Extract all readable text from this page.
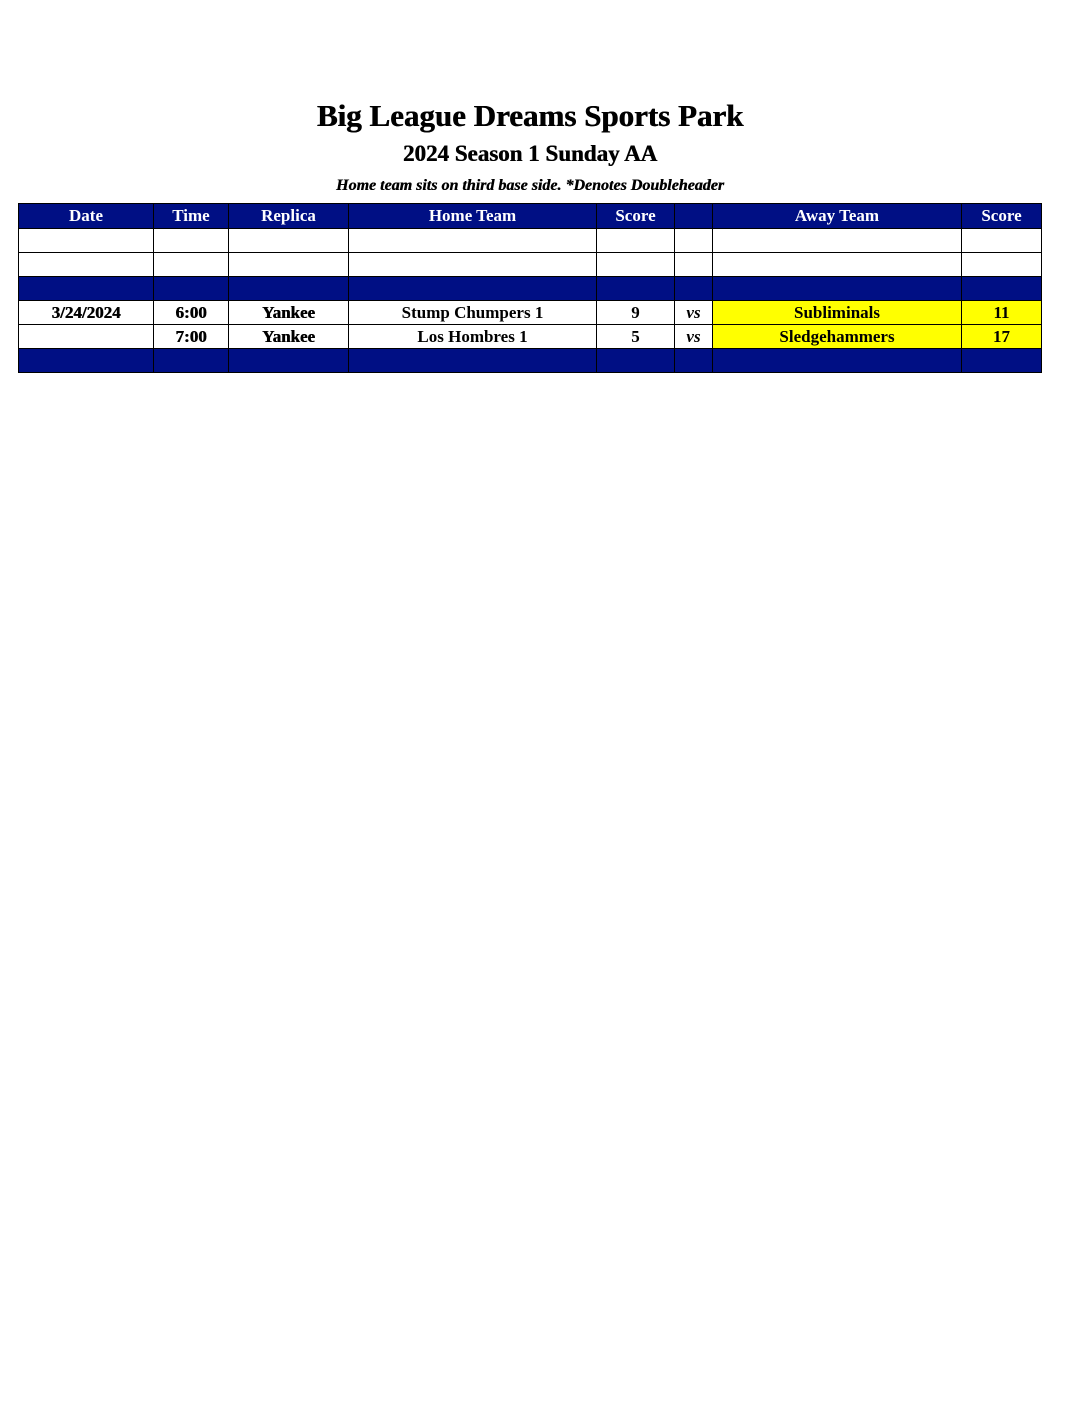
Big League Dreams Sports Park
2024 Season 1 Sunday AA
Home team sits on third base side. *Denotes Doubleheader
Date	Time	Replica	Home Team	Score		Away Team	Score

3/24/2024	6:00	Yankee	Stump Chumpers 1	9	vs	Subliminals	11
	7:00	Yankee	Los Hombres 1	5	vs	Sledgehammers	17
